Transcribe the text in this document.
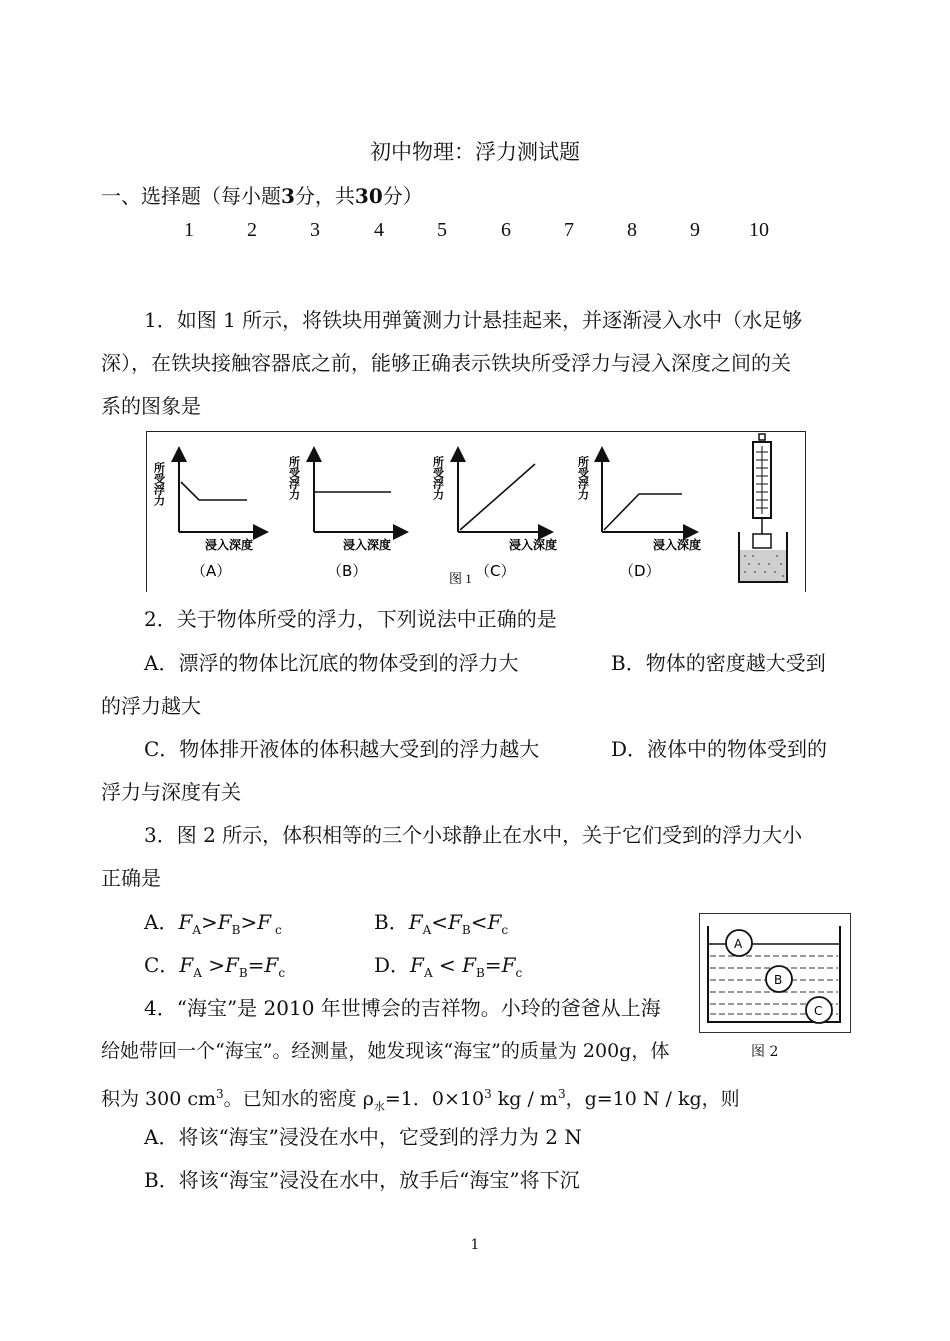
初中物理：浮力测试题
一、选择题（每小题3分，共30分）
1	2	3	4	5	6	7	8	9 10
1．如图 1 所示，将铁块用弹簧测力计悬挂起来，并逐渐浸入水中（水足够
深），在铁块接触容器底之前，能够正确表示铁块所受浮力与浸入深度之间的关
系的图象是
所受浮力
浸入深度
（A）
所受浮力
浸入深度
（B）
所受浮力
浸入深度
（C）
所受浮力
浸入深度
（D）
图 1
2．关于物体所受的浮力，下列说法中正确的是
A．漂浮的物体比沉底的物体受到的浮力大	B．物体的密度越大受到
的浮力越大
C．物体排开液体的体积越大受到的浮力越大	D．液体中的物体受到的
浮力与深度有关
3．图 2 所示，体积相等的三个小球静止在水中，关于它们受到的浮力大小
正确是
A．$F_A>F_B>F$ $_c$	B．$F_A<F_B<F_c$
C．$F_A >F_B=F_c$	D．$F_A < F_B=F_c$
A
B
C
图 2
4．“海宝”是 2010 年世博会的吉祥物。小玲的爸爸从上海
给她带回一个“海宝”。经测量，她发现该“海宝”的质量为 200g，体
积为 300 $cm^3$。已知水的密度 $\rho_水=1$．$0\times 10^3$ kg / $m^3$，g=10 N / kg，则
A．将该“海宝”浸没在水中，它受到的浮力为 2 N
B．将该“海宝”浸没在水中，放手后“海宝”将下沉
1
